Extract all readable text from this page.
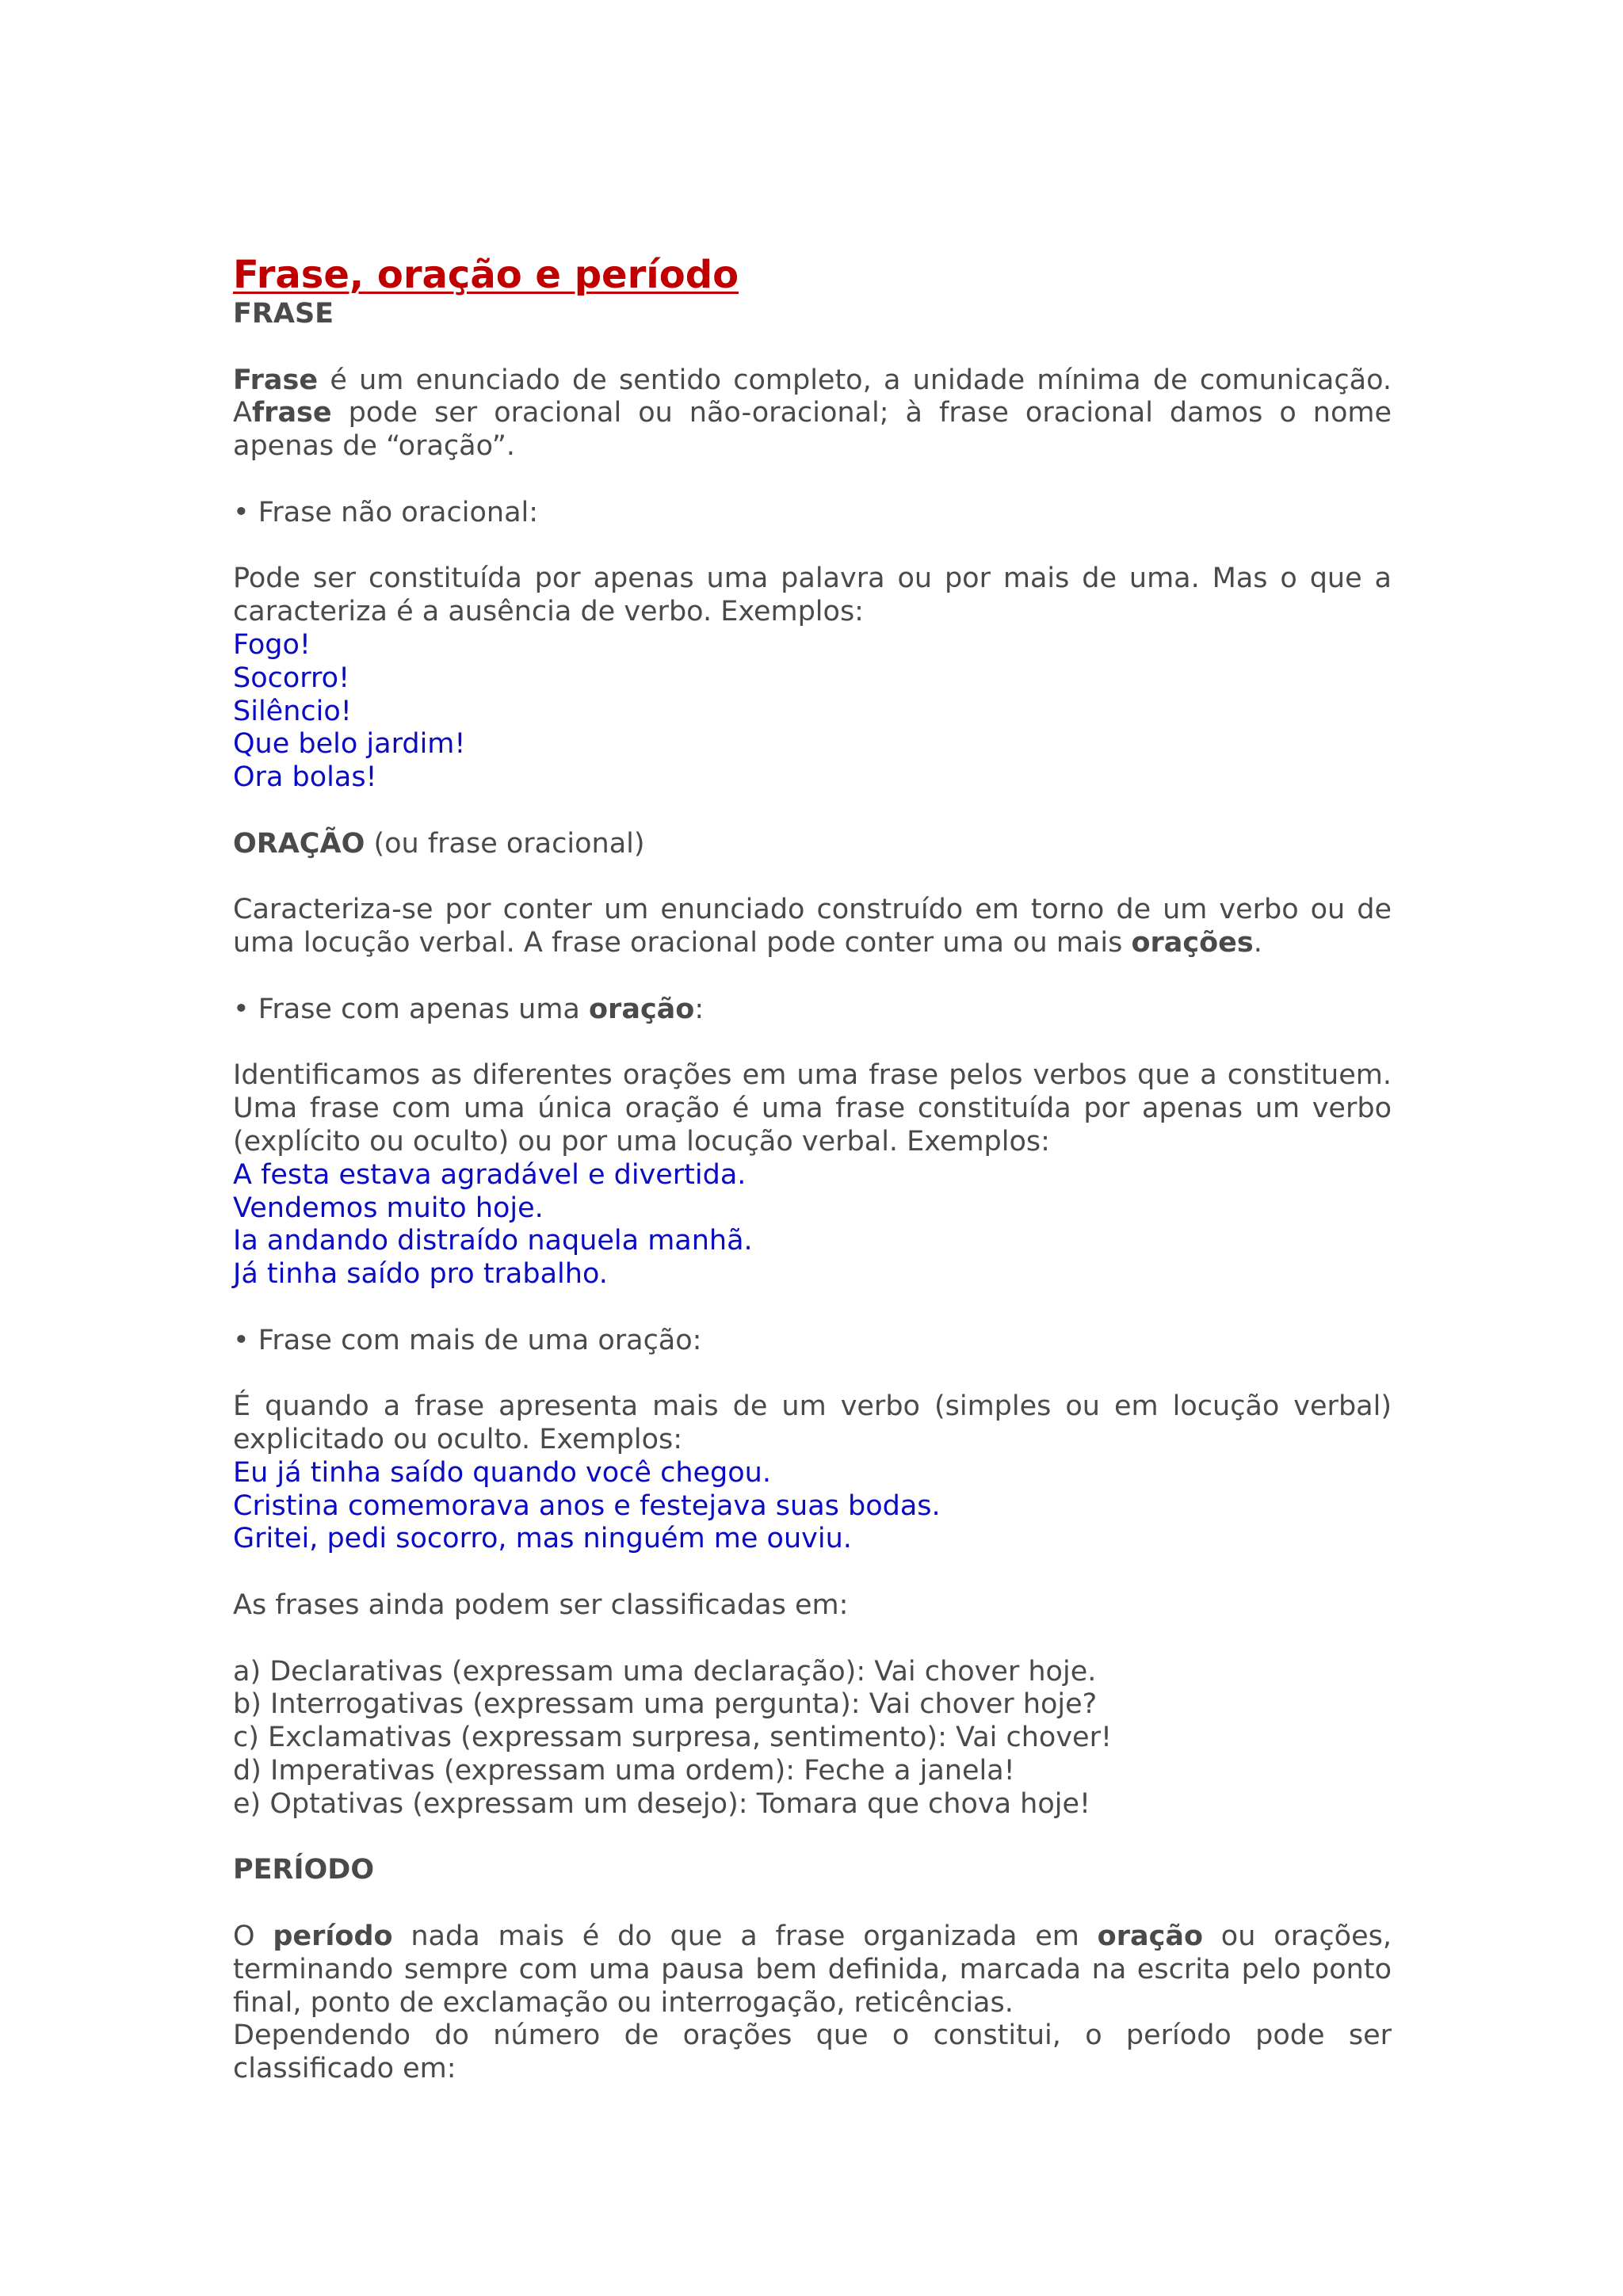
Frase, oração e período

FRASE

Frase é um enunciado de sentido completo, a unidade mínima de comunicação. Afrase pode ser oracional ou não-oracional; à frase oracional damos o nome apenas de “oração”.

• Frase não oracional:

Pode ser constituída por apenas uma palavra ou por mais de uma. Mas o que a caracteriza é a ausência de verbo. Exemplos:

Fogo!

Socorro!

Silêncio!

Que belo jardim!

Ora bolas!

ORAÇÃO (ou frase oracional)

Caracteriza-se por conter um enunciado construído em torno de um verbo ou de uma locução verbal. A frase oracional pode conter uma ou mais orações.

• Frase com apenas uma oração:

Identificamos as diferentes orações em uma frase pelos verbos que a constituem. Uma frase com uma única oração é uma frase constituída por apenas um verbo (explícito ou oculto) ou por uma locução verbal. Exemplos:

A festa estava agradável e divertida.

Vendemos muito hoje.

Ia andando distraído naquela manhã.

Já tinha saído pro trabalho.

• Frase com mais de uma oração:

É quando a frase apresenta mais de um verbo (simples ou em locução verbal) explicitado ou oculto. Exemplos:

Eu já tinha saído quando você chegou.

Cristina comemorava anos e festejava suas bodas.

Gritei, pedi socorro, mas ninguém me ouviu.

As frases ainda podem ser classificadas em:

a) Declarativas (expressam uma declaração): Vai chover hoje.

b) Interrogativas (expressam uma pergunta): Vai chover hoje?

c) Exclamativas (expressam surpresa, sentimento): Vai chover!

d) Imperativas (expressam uma ordem): Feche a janela!

e) Optativas (expressam um desejo): Tomara que chova hoje!

PERÍODO

O período nada mais é do que a frase organizada em oração ou orações, terminando sempre com uma pausa bem definida, marcada na escrita pelo ponto final, ponto de exclamação ou interrogação, reticências.

Dependendo do número de orações que o constitui, o período pode ser classificado em:
